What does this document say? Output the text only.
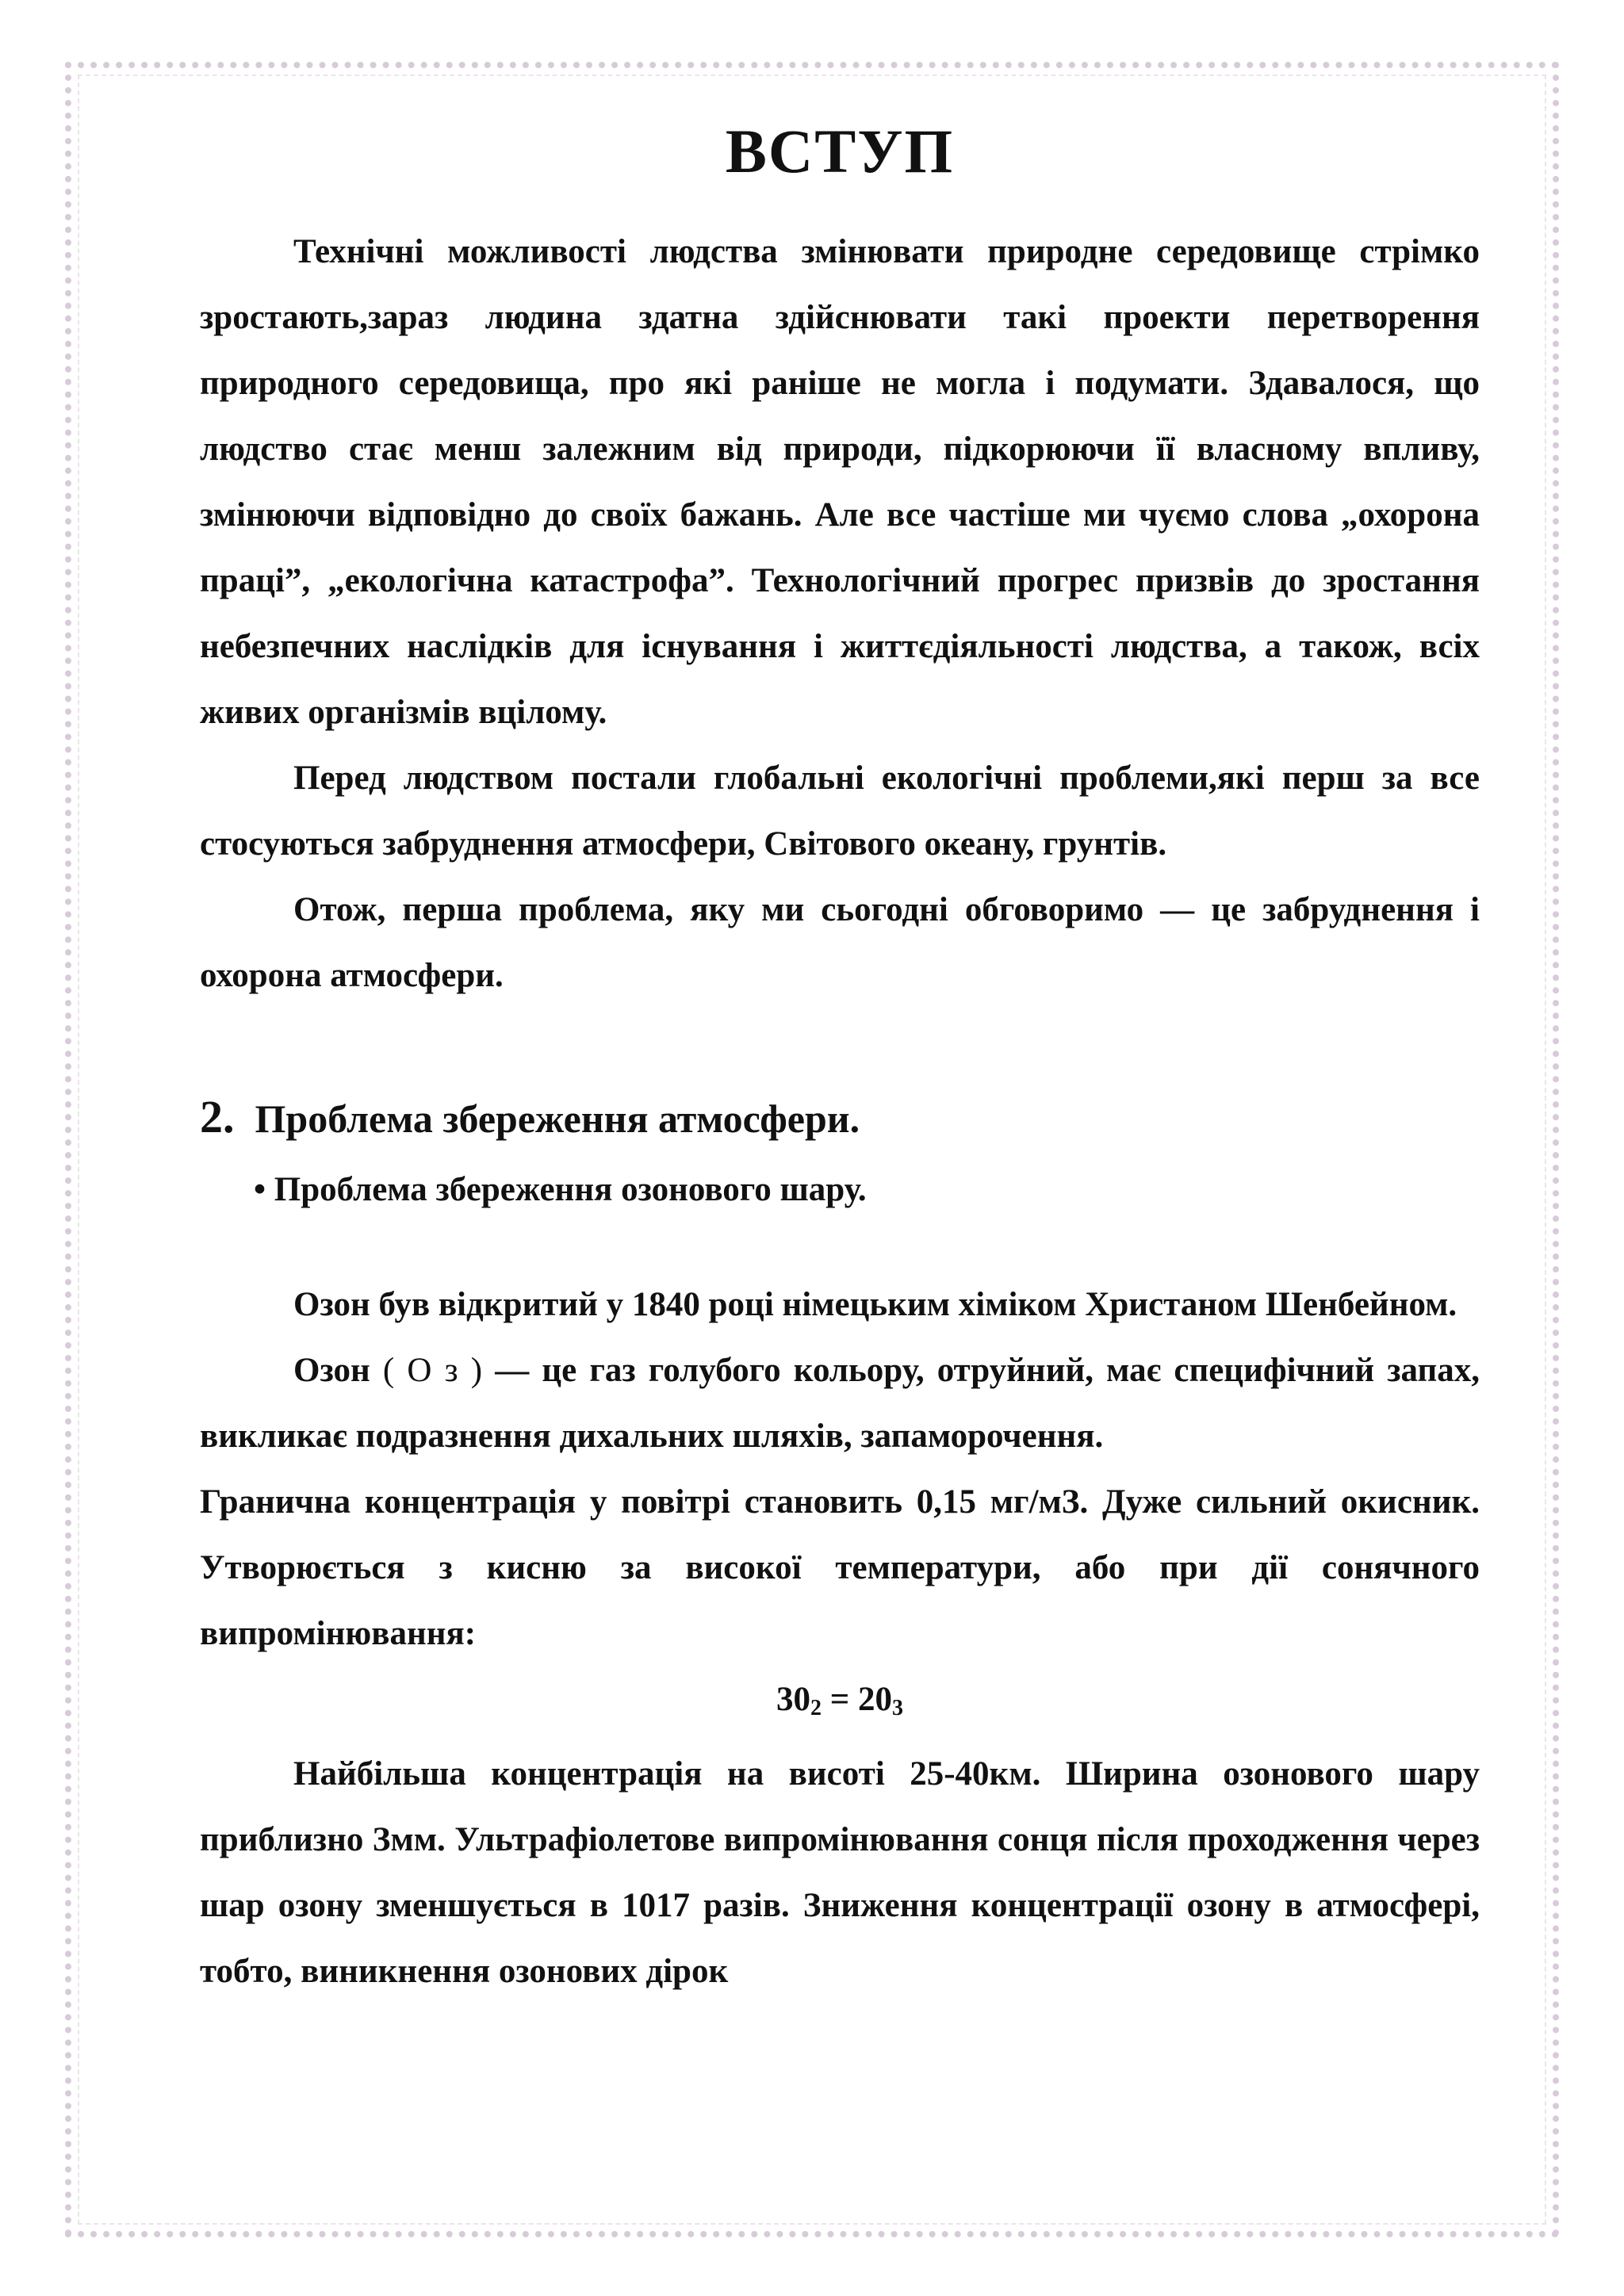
ВСТУП

Технічні можливості людства змінювати природне середовище стрімко зростають,зараз людина здатна здійснювати такі проекти перетворення природного середовища, про які раніше не могла і подумати. Здавалося, що людство стає менш залежним від природи, підкорюючи її власному впливу, змінюючи відповідно до своїх бажань. Але все частіше ми чуємо слова „охорона праці”, „екологічна катастрофа”. Технологічний прогрес призвів до зростання небезпечних наслідків для існування і життєдіяльності людства, а також, всіх живих організмів вцілому.

Перед людством постали глобальні екологічні проблеми,які перш за все стосуються забруднення атмосфери, Світового океану, грунтів.

Отож, перша проблема, яку ми сьогодні обговоримо — це забруднення і охорона атмосфери.

2. Проблема збереження атмосфери.
• Проблема збереження озонового шару.

Озон був відкритий у 1840 році німецьким хіміком Христаном Шенбейном.

Озон ( О з ) — це газ голубого кольору, отруйний, має специфічний запах, викликає подразнення дихальних шляхів, запаморочення.

Гранична концентрація у повітрі становить 0,15 мг/мЗ. Дуже сильний окисник. Утворюється з кисню за високої температури, або при дії сонячного випромінювання:

$30_2 = 20_3$

Найбільша концентрація на висоті 25-40км. Ширина озонового шару приблизно Змм. Ультрафіолетове випромінювання сонця після проходження через шар озону зменшується в 1017 разів. Зниження концентрації озону в атмосфері, тобто, виникнення озонових дірок
